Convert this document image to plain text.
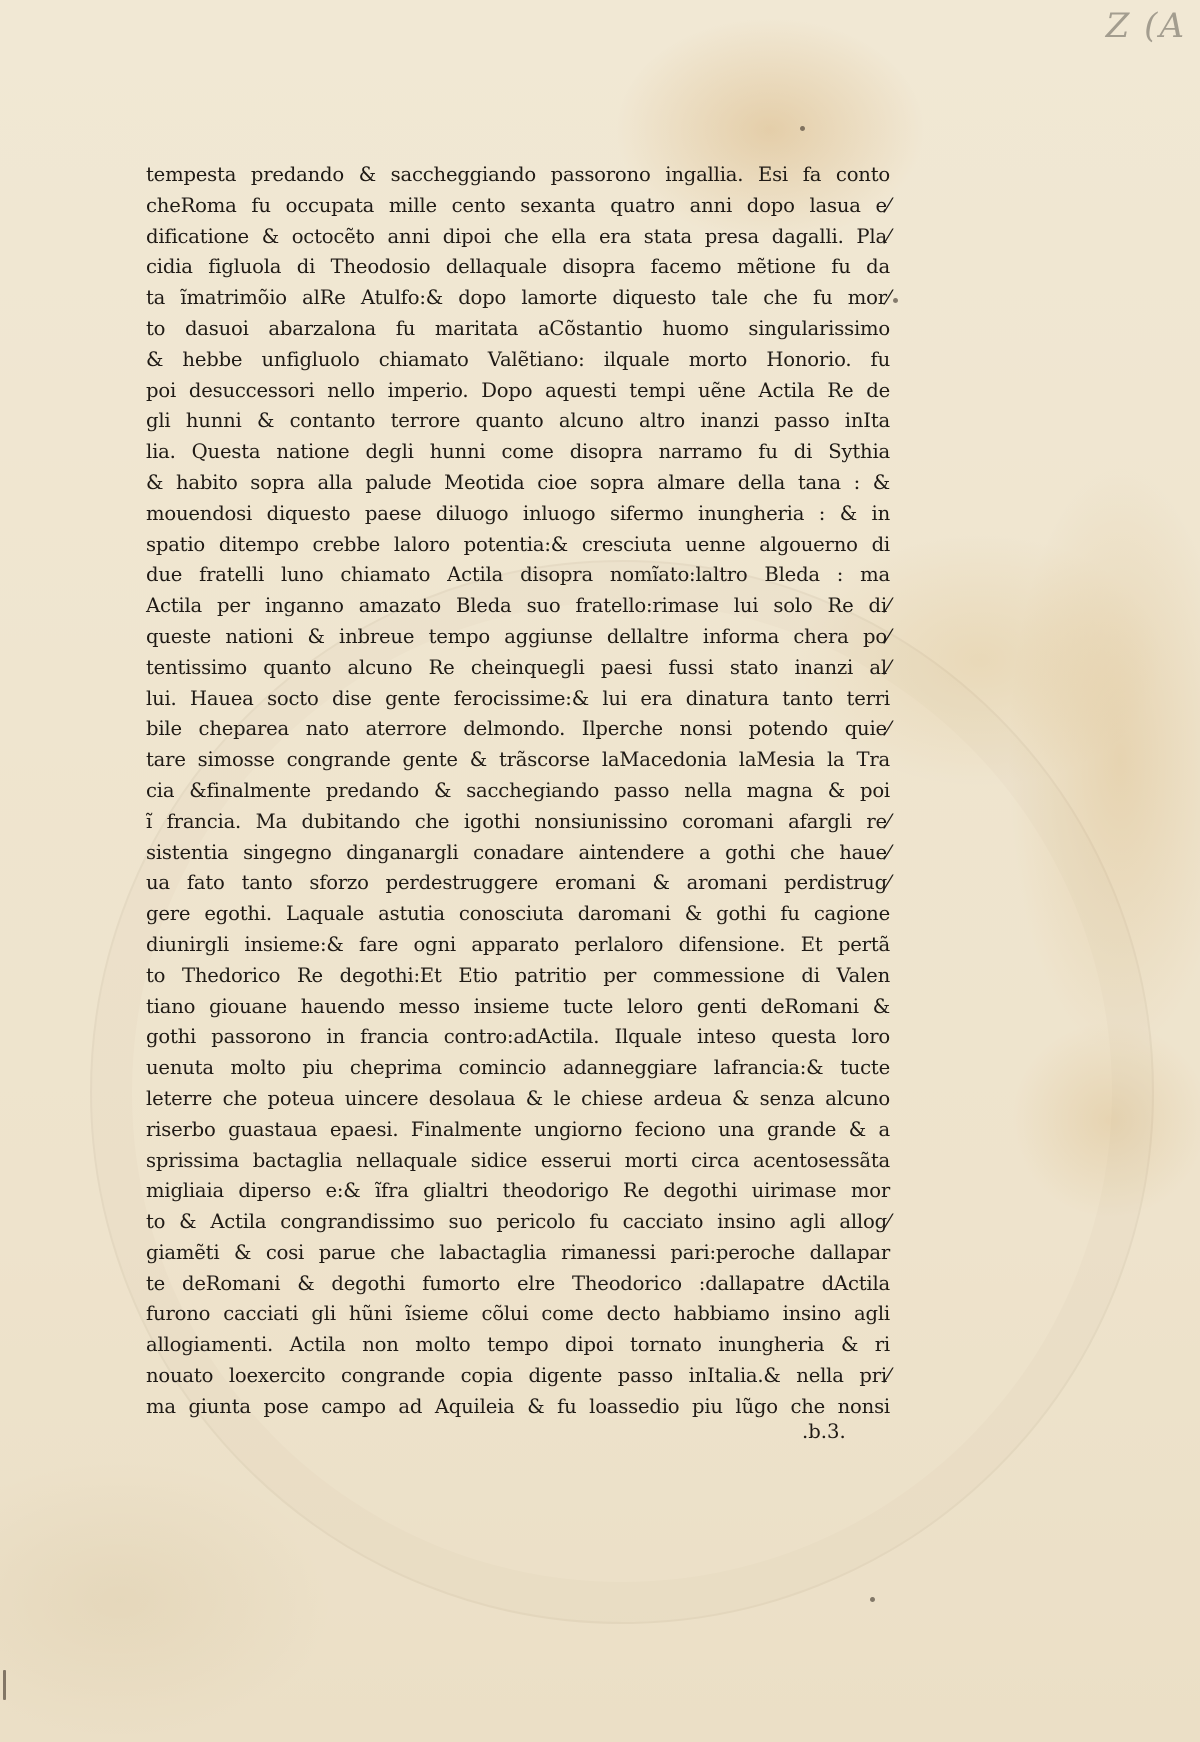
Z (A
tempesta predando & saccheggiando passorono ingallia. Esi fa conto
cheRoma fu occupata mille cento sexanta quatro anni dopo lasua e⁄
dificatione & octocẽto anni dipoi che ella era stata presa dagalli. Pla⁄
cidia figluola di Theodosio dellaquale disopra facemo mẽtione fu da
ta ĩmatrimõio alRe Atulfo:& dopo lamorte diquesto tale che fu mor⁄
to dasuoi abarzalona fu maritata aCõstantio huomo singularissimo
& hebbe unfigluolo chiamato Valẽtiano: ilquale morto Honorio. fu
poi desuccessori nello imperio. Dopo aquesti tempi uẽne Actila Re de
gli hunni & contanto terrore quanto alcuno altro inanzi passo inIta
lia. Questa natione degli hunni come disopra narramo fu di Sythia
& habito sopra alla palude Meotida cioe sopra almare della tana : &
mouendosi diquesto paese diluogo inluogo sifermo inungheria : & in
spatio ditempo crebbe laloro potentia:& cresciuta uenne algouerno di
due fratelli luno chiamato Actila disopra nomĩato:laltro Bleda : ma
Actila per inganno amazato Bleda suo fratello:rimase lui solo Re di⁄
queste nationi & inbreue tempo aggiunse dellaltre informa chera po⁄
tentissimo quanto alcuno Re cheinquegli paesi fussi stato inanzi al⁄
lui. Hauea socto dise gente ferocissime:& lui era dinatura tanto terri
bile chepareа nato aterrore delmondo. Ilperche nonsi potendo quie⁄
tare simosse congrande gente & trãscorse laMacedonia laMesia la Tra
cia &finalmente predando & sacchegiando passo nella magna & poi
ĩ francia. Ma dubitando che igothi nonsiunissino coromani afargli re⁄
sistentia singegno dinganargli conadare aintendere a gothi che haue⁄
ua fato tanto sforzo perdestruggere eromani & aromani perdistrug⁄
gere egothi. Laquale astutia conosciuta daromani & gothi fu cagione
diunirgli insieme:& fare ogni apparato perlaloro difensione. Et pertã
to Thedorico Re degothi:Et Etio patritio per commessione di Valen
tiano giouane hauendo messo insieme tucte leloro genti deRomani &
gothi passorono in francia contro:adActila. Ilquale inteso questa loro
uenuta molto piu cheprima comincio adanneggiare lafrancia:& tucte
leterre che poteua uincere desolaua & le chiese ardeua & senza alcuno
riserbo guastaua epaesi. Finalmente ungiorno feciono una grande & a
sprissima bactaglia nellaquale sidice esserui morti circa acentosessãta
migliaia diperso e:& ĩfra glialtri theodorigo Re degothi uirimase mor
to & Actila congrandissimo suo pericolo fu cacciato insino agli allog⁄
giamẽti & cosi parue che labactaglia rimanessi pari:peroche dallapar
te deRomani & degothi fumorto elre Theodorico :dallapatre dActila
furono cacciati gli hũni ĩsieme cõlui come decto habbiamo insino agli
allogiamenti. Actila non molto tempo dipoi tornato inungheria & ri
nouato loexercito congrande copia digente passo inItalia.& nella pri⁄
ma giunta pose campo ad Aquileia & fu loassedio piu lũgo che nonsi
.b.3.
